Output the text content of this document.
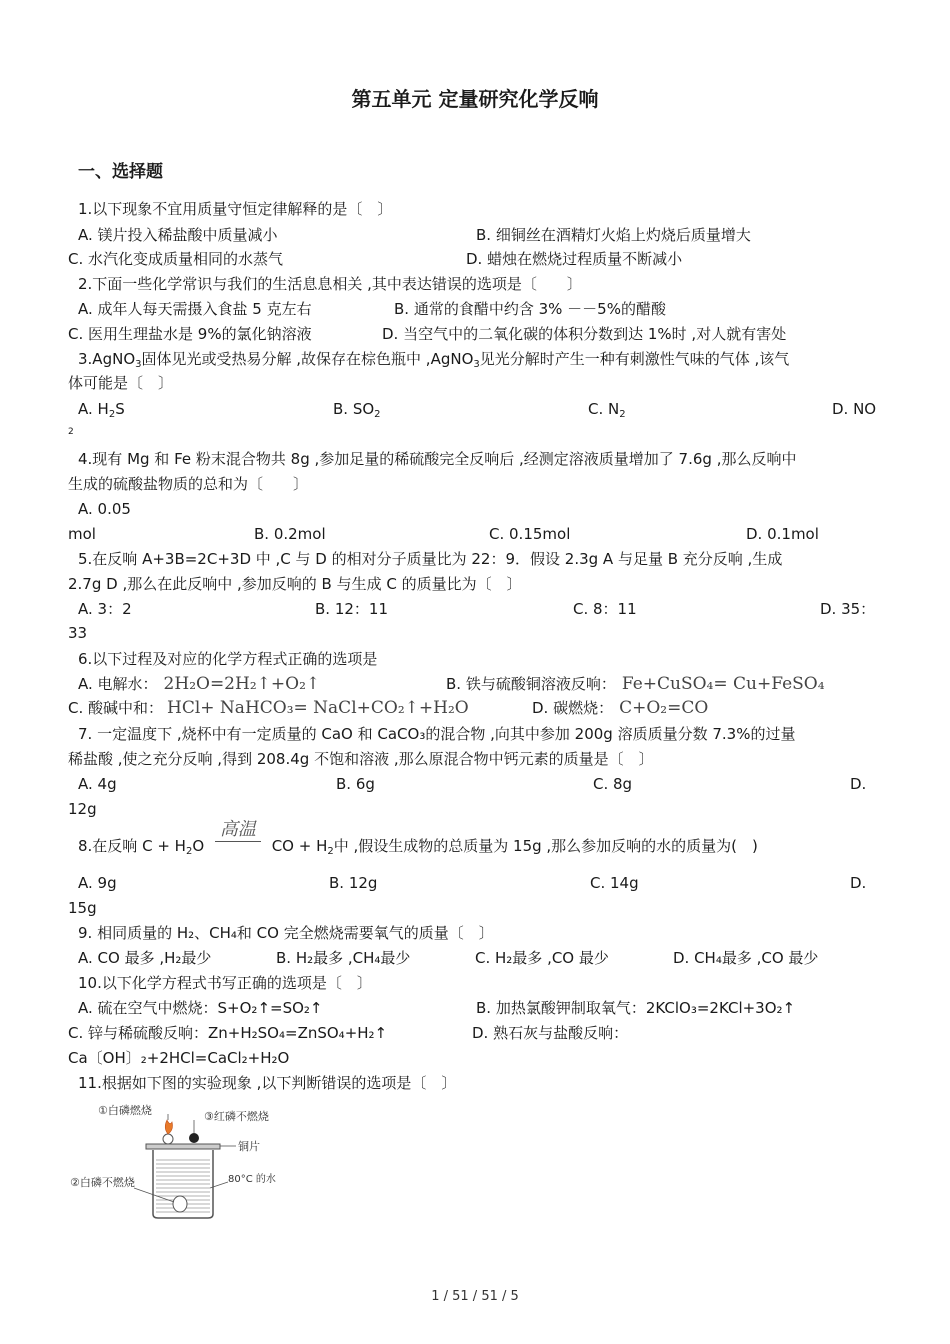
第五单元 定量研究化学反响
一、选择题
1.以下现象不宜用质量守恒定律解释的是〔　〕
A. 镁片投入稀盐酸中质量减小	B. 细铜丝在酒精灯火焰上灼烧后质量增大
C. 水汽化变成质量相同的水蒸气	D. 蜡烛在燃烧过程质量不断减小
2.下面一些化学常识与我们的生活息息相关 ,其中表达错误的选项是〔　　〕
A. 成年人每天需摄入食盐 5 克左右	B. 通常的食醋中约含 3% －－5%的醋酸
C. 医用生理盐水是 9%的氯化钠溶液	D. 当空气中的二氧化碳的体积分数到达 1%时 ,对人就有害处
3.AgNO$_3$固体见光或受热易分解 ,故保存在棕色瓶中 ,AgNO$_3$见光分解时产生一种有刺激性气味的气体 ,该气
体可能是〔　〕
A. $H_2S$	B. $SO_2$	C. $N_2$	D. NO
2
4.现有 Mg 和 Fe 粉末混合物共 8g ,参加足量的稀硫酸完全反响后 ,经测定溶液质量增加了 7.6g ,那么反响中
生成的硫酸盐物质的总和为〔　　〕
A. 0.05
mol	B. 0.2mol	C. 0.15mol	D. 0.1mol
5.在反响 A+3B=2C+3D 中 ,C 与 D 的相对分子质量比为 22：9．假设 2.3g A 与足量 B 充分反响 ,生成
2.7g D ,那么在此反响中 ,参加反响的 B 与生成 C 的质量比为〔　〕
A. 3：2	B. 12：11	C. 8：11	D. 35：
33
6.以下过程及对应的化学方程式正确的选项是
A. 电解水： 2H₂O=2H₂↑+O₂↑	B. 铁与硫酸铜溶液反响： Fe+CuSO₄= Cu+FeSO₄
C. 酸碱中和： HCl+ NaHCO₃= NaCl+CO₂↑+H₂O	D. 碳燃烧： C+O₂=CO
7. 一定温度下 ,烧杯中有一定质量的 CaO 和 CaCO₃的混合物 ,向其中参加 200g 溶质质量分数 7.3%的过量
稀盐酸 ,使之充分反响 ,得到 208.4g 不饱和溶液 ,那么原混合物中钙元素的质量是〔　〕
A. 4g	B. 6g	C. 8g	D.
12g
8.在反响 $C + H_2O$
高温
CO + $H_2$中 ,假设生成物的总质量为 15g ,那么参加反响的水的质量为(　)
A. 9g	B. 12g	C. 14g	D.
15g
9. 相同质量的 H₂、CH₄和 CO 完全燃烧需要氧气的质量〔　〕
A. CO 最多 ,H₂最少	B. H₂最多 ,CH₄最少	C. H₂最多 ,CO 最少	D. CH₄最多 ,CO 最少
10.以下化学方程式书写正确的选项是〔　〕
A. 硫在空气中燃烧：S+O₂↑=SO₂↑	B. 加热氯酸钾制取氧气：2KClO₃=2KCl+3O₂↑
C. 锌与稀硫酸反响：Zn+H₂SO₄=ZnSO₄+H₂↑	D. 熟石灰与盐酸反响：
Ca〔OH〕₂+2HCl=CaCl₂+H₂O
11.根据如下图的实验现象 ,以下判断错误的选项是〔　〕
①白磷燃烧	③红磷不燃烧
铜片
②白磷不燃烧	80°C 的水
1 / 51 / 51 / 5
